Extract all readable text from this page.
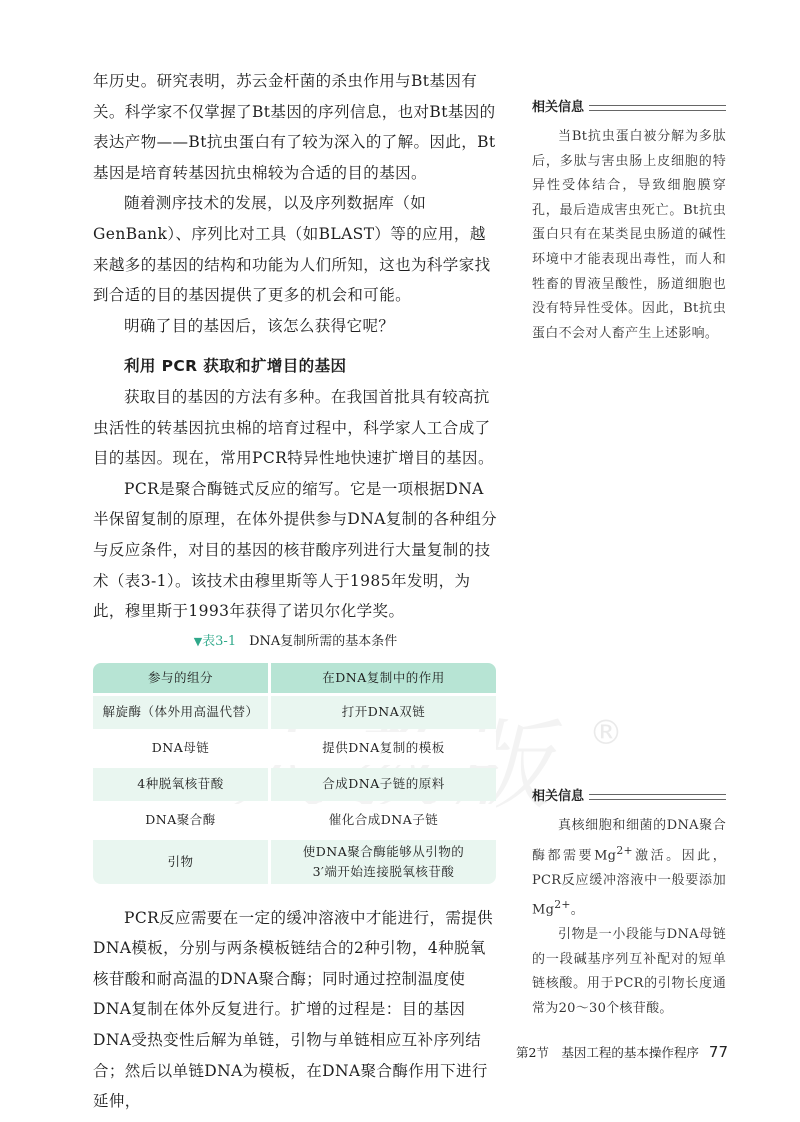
®

年历史。研究表明，苏云金杆菌的杀虫作用与Bt基因有关。科学家不仅掌握了Bt基因的序列信息，也对Bt基因的表达产物——Bt抗虫蛋白有了较为深入的了解。因此，Bt基因是培育转基因抗虫棉较为合适的目的基因。

随着测序技术的发展，以及序列数据库（如GenBank）、序列比对工具（如BLAST）等的应用，越来越多的基因的结构和功能为人们所知，这也为科学家找到合适的目的基因提供了更多的机会和可能。

明确了目的基因后，该怎么获得它呢？

利用 PCR 获取和扩增目的基因

获取目的基因的方法有多种。在我国首批具有较高抗虫活性的转基因抗虫棉的培育过程中，科学家人工合成了目的基因。现在，常用PCR特异性地快速扩增目的基因。

PCR是聚合酶链式反应的缩写。它是一项根据DNA半保留复制的原理，在体外提供参与DNA复制的各种组分与反应条件，对目的基因的核苷酸序列进行大量复制的技术（表3-1）。该技术由穆里斯等人于1985年发明，为此，穆里斯于1993年获得了诺贝尔化学奖。

▼表3-1　 DNA复制所需的基本条件
参与的组分	在DNA复制中的作用
解旋酶（体外用高温代替）	打开DNA双链
DNA母链	提供DNA复制的模板
4种脱氧核苷酸	合成DNA子链的原料
DNA聚合酶	催化合成DNA子链
引物	使DNA聚合酶能够从引物的
3′端开始连接脱氧核苷酸

PCR反应需要在一定的缓冲溶液中才能进行，需提供DNA模板，分别与两条模板链结合的2种引物，4种脱氧核苷酸和耐高温的DNA聚合酶；同时通过控制温度使DNA复制在体外反复进行。扩增的过程是：目的基因DNA受热变性后解为单链，引物与单链相应互补序列结合；然后以单链DNA为模板，在DNA聚合酶作用下进行延伸，

相关信息

当Bt抗虫蛋白被分解为多肽后，多肽与害虫肠上皮细胞的特异性受体结合，导致细胞膜穿孔，最后造成害虫死亡。Bt抗虫蛋白只有在某类昆虫肠道的碱性环境中才能表现出毒性，而人和牲畜的胃液呈酸性，肠道细胞也没有特异性受体。因此，Bt抗虫蛋白不会对人畜产生上述影响。

相关信息

真核细胞和细菌的DNA聚合酶都需要$Mg^{2+}$激活。因此，PCR反应缓冲溶液中一般要添加$Mg^{2+}$。

引物是一小段能与DNA母链的一段碱基序列互补配对的短单链核酸。用于PCR的引物长度通常为20～30个核苷酸。

第2节　基因工程的基本操作程序 77
